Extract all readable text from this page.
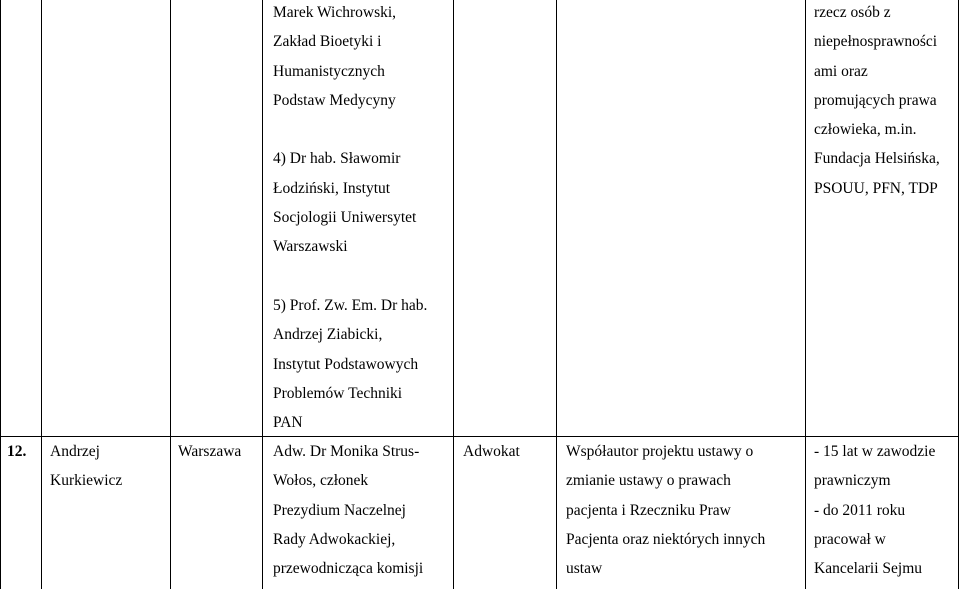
Marek Wichrowski,
Zakład Bioetyki i
Humanistycznych
Podstaw Medycyny

4) Dr hab. Sławomir
Łodziński, Instytut
Socjologii Uniwersytet
Warszawski

5) Prof. Zw. Em. Dr hab.
Andrzej Ziabicki,
Instytut Podstawowych
Problemów Techniki
PAN
rzecz osób z
niepełnosprawności
ami oraz
promujących prawa
człowieka, m.in.
Fundacja Helsińska,
PSOUU, PFN, TDP
12. Andrzej
Kurkiewicz
Warszawa Adw. Dr Monika Strus-
Wołos, członek
Prezydium Naczelnej
Rady Adwokackiej,
przewodnicząca komisji
Adwokat	Współautor projektu ustawy o
zmianie ustawy o prawach
pacjenta i Rzeczniku Praw
Pacjenta oraz niektórych innych
ustaw
- 15 lat w zawodzie
prawniczym
- do 2011 roku
pracował w
Kancelarii Sejmu
